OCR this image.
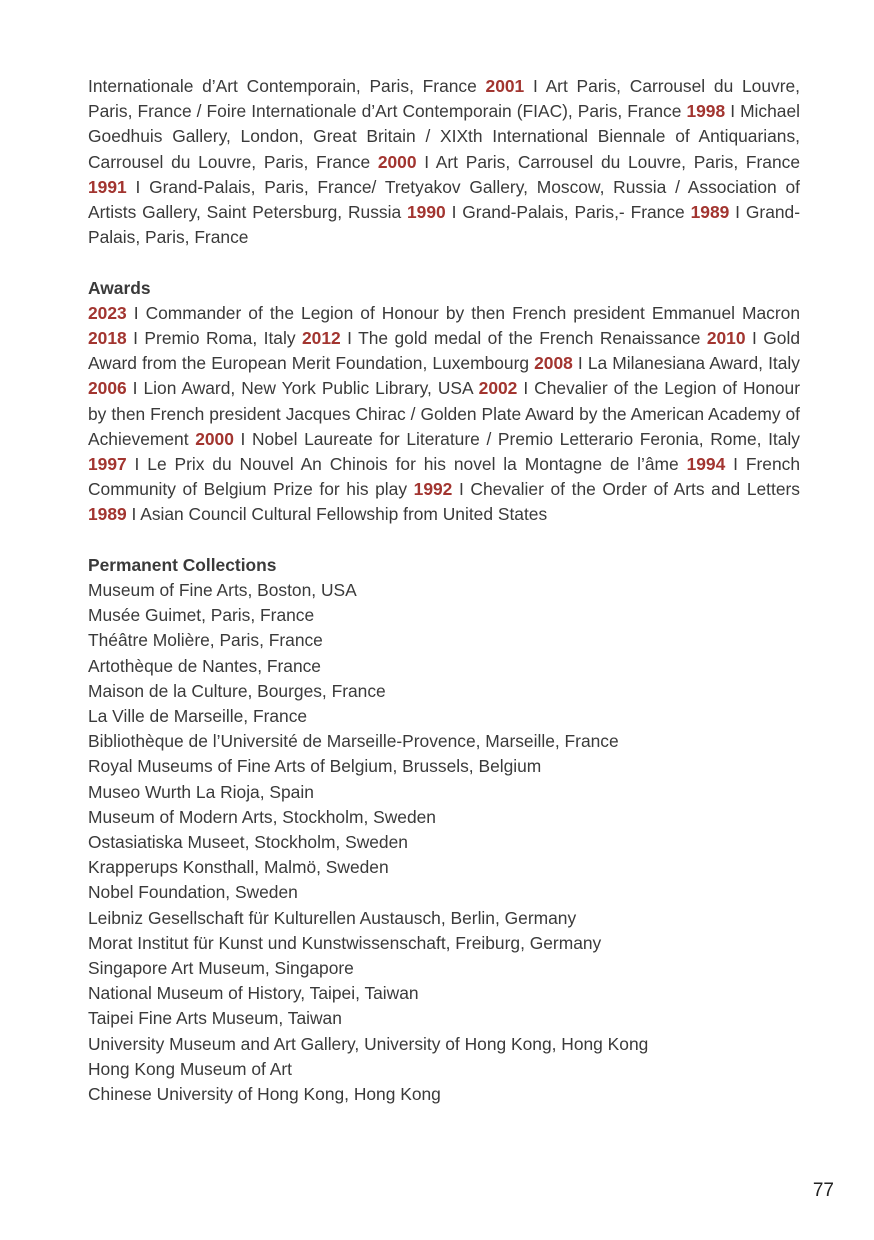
Internationale d’Art Contemporain, Paris, France 2001 I Art Paris, Carrousel du Louvre, Paris, France / Foire Internationale d’Art Contemporain (FIAC), Paris, France 1998 I Michael Goedhuis Gallery, London, Great Britain / XIXth International Biennale of Antiquarians, Carrousel du Louvre, Paris, France 2000 I Art Paris, Carrousel du Louvre, Paris, France 1991 I Grand-Palais, Paris, France/ Tretyakov Gallery, Moscow, Russia / Association of Artists Gallery, Saint Petersburg, Russia 1990 I Grand-Palais, Paris,- France 1989 I Grand-Palais, Paris, France

Awards

2023 I Commander of the Legion of Honour by then French president Emmanuel Macron 2018 I Premio Roma, Italy 2012 I The gold medal of the French Renaissance 2010 I Gold Award from the European Merit Foundation, Luxembourg 2008 I La Milanesiana Award, Italy 2006 I Lion Award, New York Public Library, USA 2002 I Chevalier of the Legion of Honour by then French president Jacques Chirac / Golden Plate Award by the American Academy of Achievement 2000 I Nobel Laureate for Literature / Premio Letterario Feronia, Rome, Italy 1997 I Le Prix du Nouvel An Chinois for his novel la Montagne de l’âme 1994 I French Community of Belgium Prize for his play 1992 I Chevalier of the Order of Arts and Letters 1989 I Asian Council Cultural Fellowship from United States

Permanent Collections
Museum of Fine Arts, Boston, USA
Musée Guimet, Paris, France
Théâtre Molière, Paris, France
Artothèque de Nantes, France
Maison de la Culture, Bourges, France
La Ville de Marseille, France
Bibliothèque de l’Université de Marseille-Provence, Marseille, France
Royal Museums of Fine Arts of Belgium, Brussels, Belgium
Museo Wurth La Rioja, Spain
Museum of Modern Arts, Stockholm, Sweden
Ostasiatiska Museet, Stockholm, Sweden
Krapperups Konsthall, Malmö, Sweden
Nobel Foundation, Sweden
Leibniz Gesellschaft für Kulturellen Austausch, Berlin, Germany
Morat Institut für Kunst und Kunstwissenschaft, Freiburg, Germany
Singapore Art Museum, Singapore
National Museum of History, Taipei, Taiwan
Taipei Fine Arts Museum, Taiwan
University Museum and Art Gallery, University of Hong Kong, Hong Kong
Hong Kong Museum of Art
Chinese University of Hong Kong, Hong Kong
77
